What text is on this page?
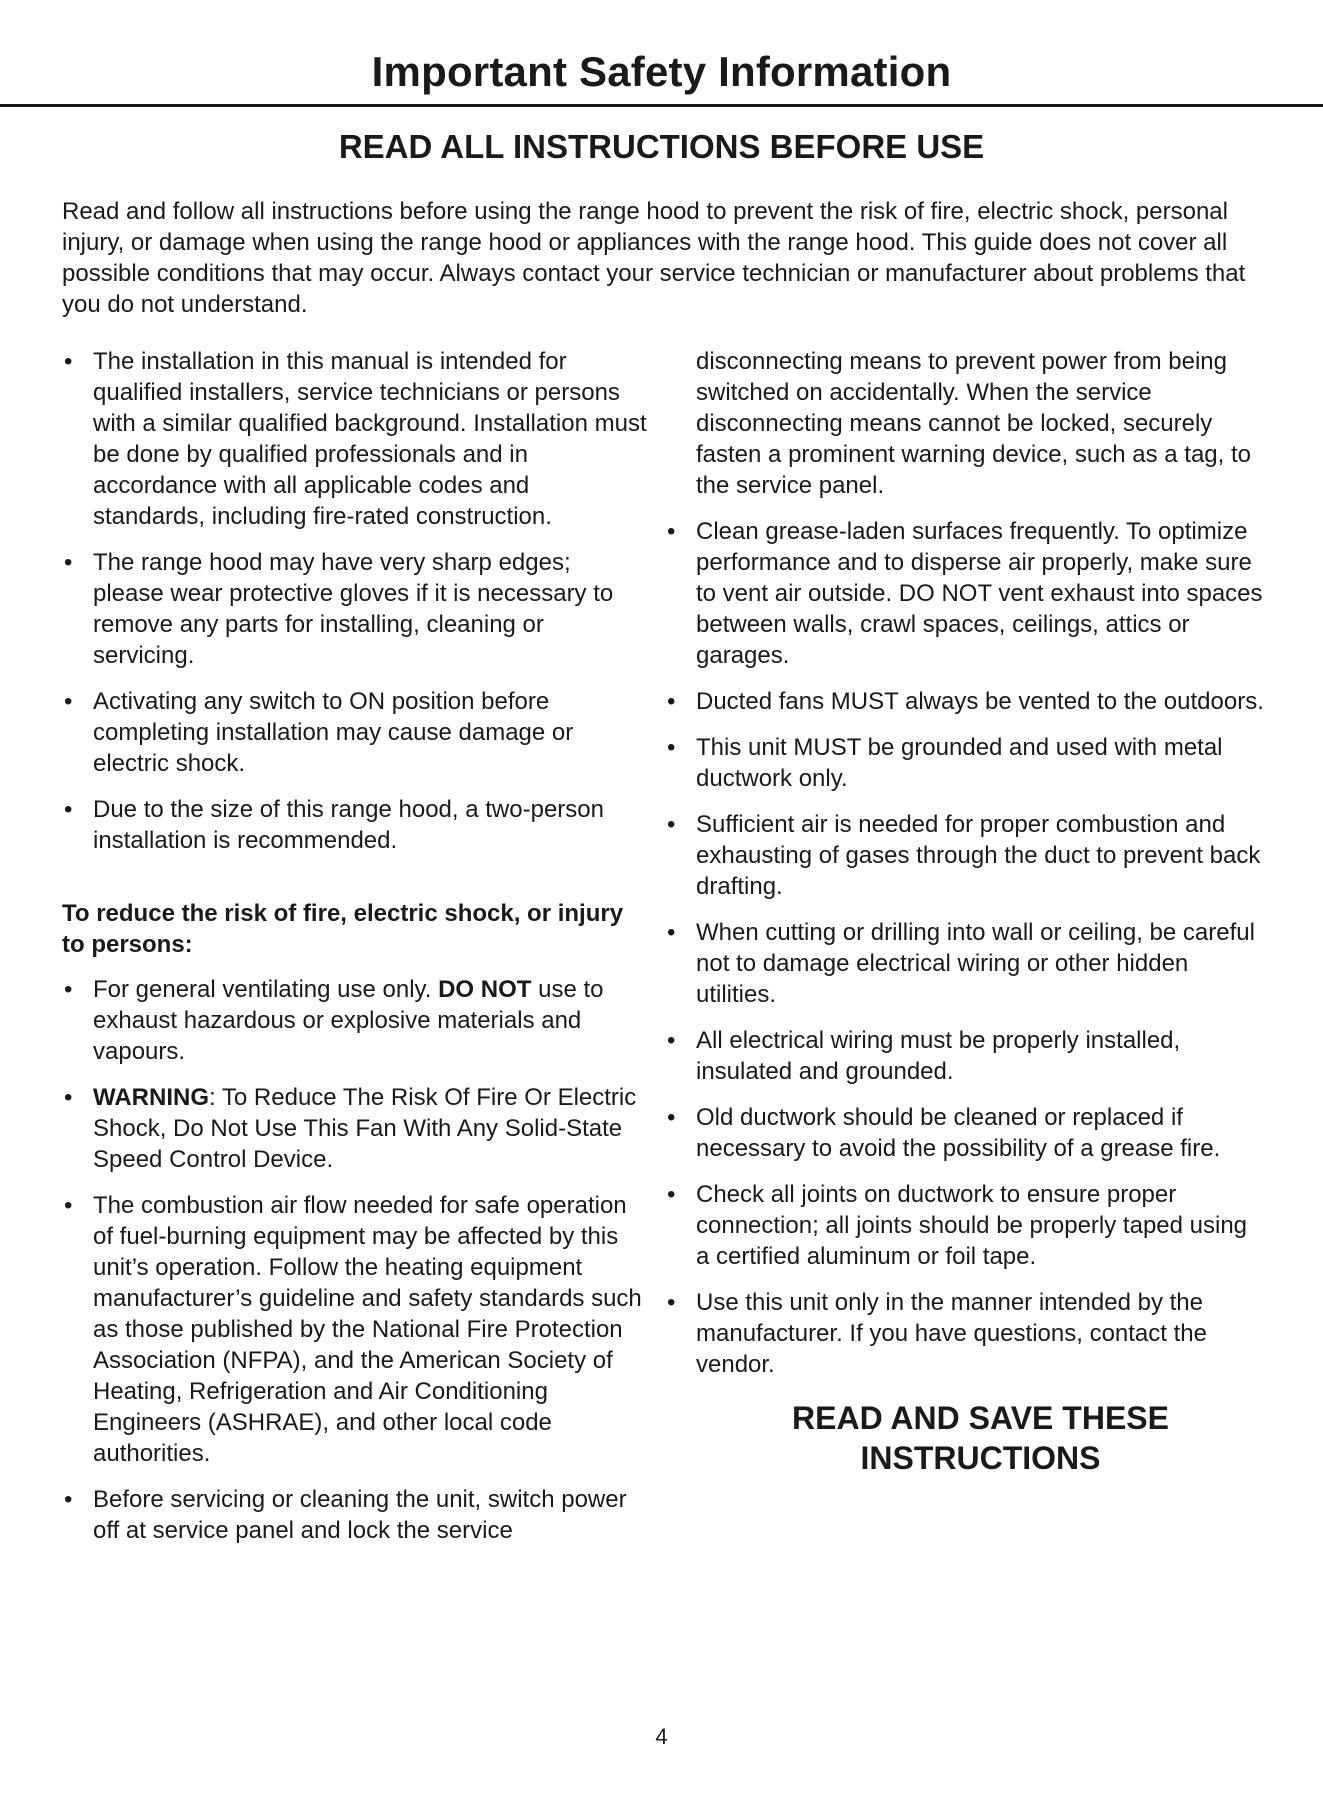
Important Safety Information
READ ALL INSTRUCTIONS BEFORE USE
Read and follow all instructions before using the range hood to prevent the risk of fire, electric shock, personal injury, or damage when using the range hood or appliances with the range hood. This guide does not cover all possible conditions that may occur. Always contact your service technician or manufacturer about problems that you do not understand.
• The installation in this manual is intended for qualified installers, service technicians or persons with a similar qualified background. Installation must be done by qualified professionals and in accordance with all applicable codes and standards, including fire-rated construction.
• The range hood may have very sharp edges; please wear protective gloves if it is necessary to remove any parts for installing, cleaning or servicing.
• Activating any switch to ON position before completing installation may cause damage or electric shock.
• Due to the size of this range hood, a two-person installation is recommended.
To reduce the risk of fire, electric shock, or injury to persons:
• For general ventilating use only. DO NOT use to exhaust hazardous or explosive materials and vapours.
• WARNING: To Reduce The Risk Of Fire Or Electric Shock, Do Not Use This Fan With Any Solid-State Speed Control Device.
• The combustion air flow needed for safe operation of fuel-burning equipment may be affected by this unit’s operation. Follow the heating equipment manufacturer’s guideline and safety standards such as those published by the National Fire Protection Association (NFPA), and the American Society of Heating, Refrigeration and Air Conditioning Engineers (ASHRAE), and other local code authorities.
• Before servicing or cleaning the unit, switch power off at service panel and lock the service
disconnecting means to prevent power from being switched on accidentally. When the service disconnecting means cannot be locked, securely fasten a prominent warning device, such as a tag, to the service panel.
• Clean grease-laden surfaces frequently. To optimize performance and to disperse air properly, make sure to vent air outside. DO NOT vent exhaust into spaces between walls, crawl spaces, ceilings, attics or garages.
• Ducted fans MUST always be vented to the outdoors.
• This unit MUST be grounded and used with metal ductwork only.
• Sufficient air is needed for proper combustion and exhausting of gases through the duct to prevent back drafting.
• When cutting or drilling into wall or ceiling, be careful not to damage electrical wiring or other hidden utilities.
• All electrical wiring must be properly installed, insulated and grounded.
• Old ductwork should be cleaned or replaced if necessary to avoid the possibility of a grease fire.
• Check all joints on ductwork to ensure proper connection; all joints should be properly taped using a certified aluminum or foil tape.
• Use this unit only in the manner intended by the manufacturer. If you have questions, contact the vendor.
READ AND SAVE THESE
INSTRUCTIONS
4
